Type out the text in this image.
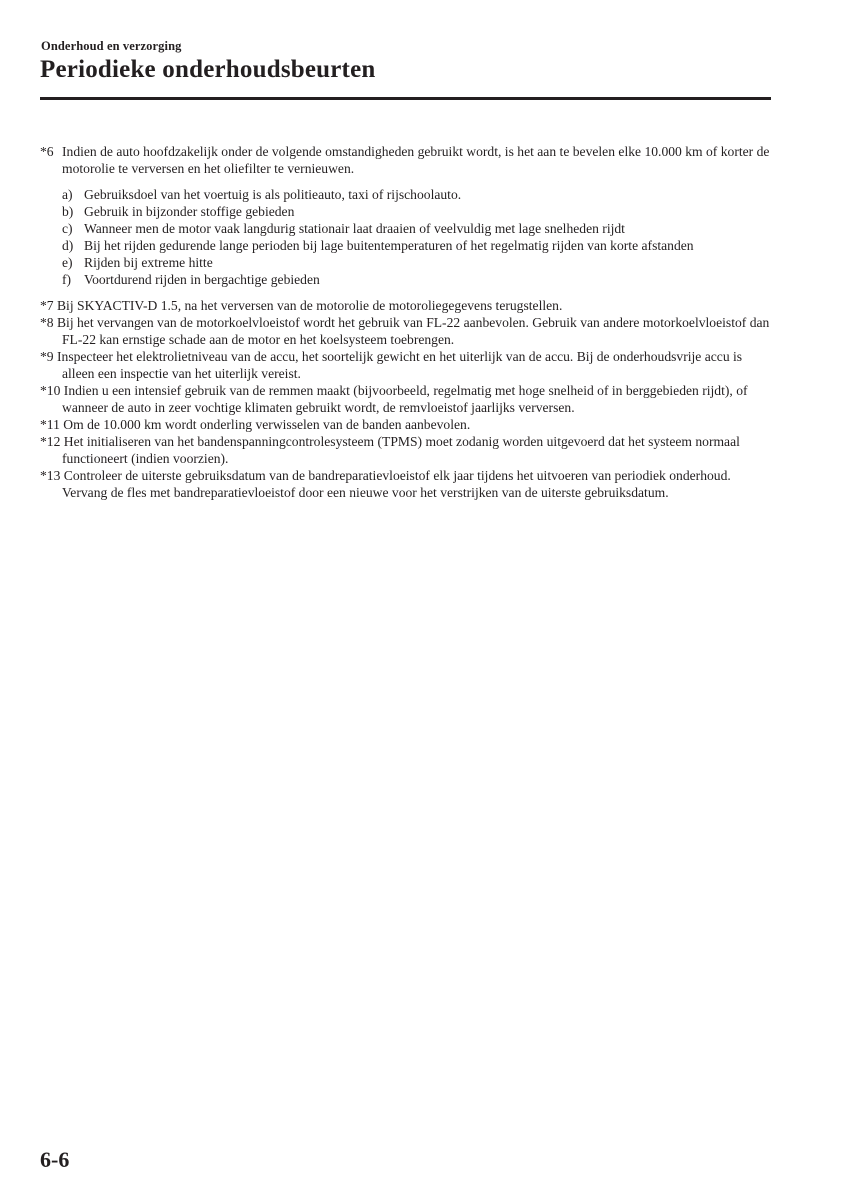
Onderhoud en verzorging
Periodieke onderhoudsbeurten
*6 Indien de auto hoofdzakelijk onder de volgende omstandigheden gebruikt wordt, is het aan te bevelen elke 10.000 km of korter de motorolie te verversen en het oliefilter te vernieuwen.
a) Gebruiksdoel van het voertuig is als politieauto, taxi of rijschoolauto.
b) Gebruik in bijzonder stoffige gebieden
c) Wanneer men de motor vaak langdurig stationair laat draaien of veelvuldig met lage snelheden rijdt
d) Bij het rijden gedurende lange perioden bij lage buitentemperaturen of het regelmatig rijden van korte afstanden
e) Rijden bij extreme hitte
f) Voortdurend rijden in bergachtige gebieden
*7 Bij SKYACTIV-D 1.5, na het verversen van de motorolie de motoroliegegevens terugstellen.
*8 Bij het vervangen van de motorkoelvloeistof wordt het gebruik van FL-22 aanbevolen. Gebruik van andere motorkoelvloeistof dan FL-22 kan ernstige schade aan de motor en het koelsysteem toebrengen.
*9 Inspecteer het elektrolietniveau van de accu, het soortelijk gewicht en het uiterlijk van de accu. Bij de onderhoudsvrije accu is alleen een inspectie van het uiterlijk vereist.
*10 Indien u een intensief gebruik van de remmen maakt (bijvoorbeeld, regelmatig met hoge snelheid of in berggebieden rijdt), of wanneer de auto in zeer vochtige klimaten gebruikt wordt, de remvloeistof jaarlijks verversen.
*11 Om de 10.000 km wordt onderling verwisselen van de banden aanbevolen.
*12 Het initialiseren van het bandenspanningcontrolesysteem (TPMS) moet zodanig worden uitgevoerd dat het systeem normaal functioneert (indien voorzien).
*13 Controleer de uiterste gebruiksdatum van de bandreparatievloeistof elk jaar tijdens het uitvoeren van periodiek onderhoud. Vervang de fles met bandreparatievloeistof door een nieuwe voor het verstrijken van de uiterste gebruiksdatum.
6-6
